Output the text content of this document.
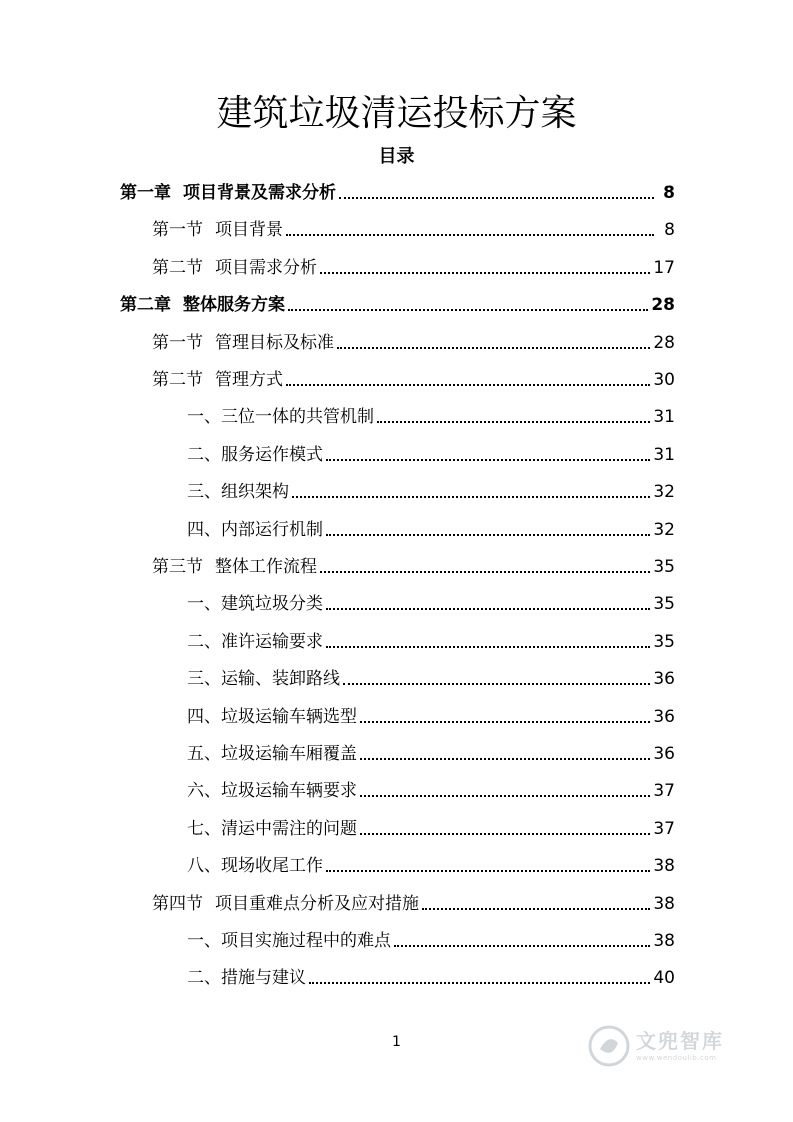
建筑垃圾清运投标方案
目录
第一章 项目背景及需求分析	8
第一节 项目背景	8
第二节 项目需求分析	17
第二章 整体服务方案	28
第一节 管理目标及标准	28
第二节 管理方式	30
一、 三位一体的共管机制	31
二、 服务运作模式	31
三、 组织架构	32
四、 内部运行机制	32
第三节 整体工作流程	35
一、 建筑垃圾分类	35
二、 准许运输要求	35
三、 运输、装卸路线	36
四、 垃圾运输车辆选型	36
五、 垃圾运输车厢覆盖	36
六、 垃圾运输车辆要求	37
七、 清运中需注的问题	37
八、 现场收尾工作	38
第四节 项目重难点分析及应对措施	38
一、 项目实施过程中的难点	38
二、 措施与建议	40
1	文兜智库
www.wendoulib.com
